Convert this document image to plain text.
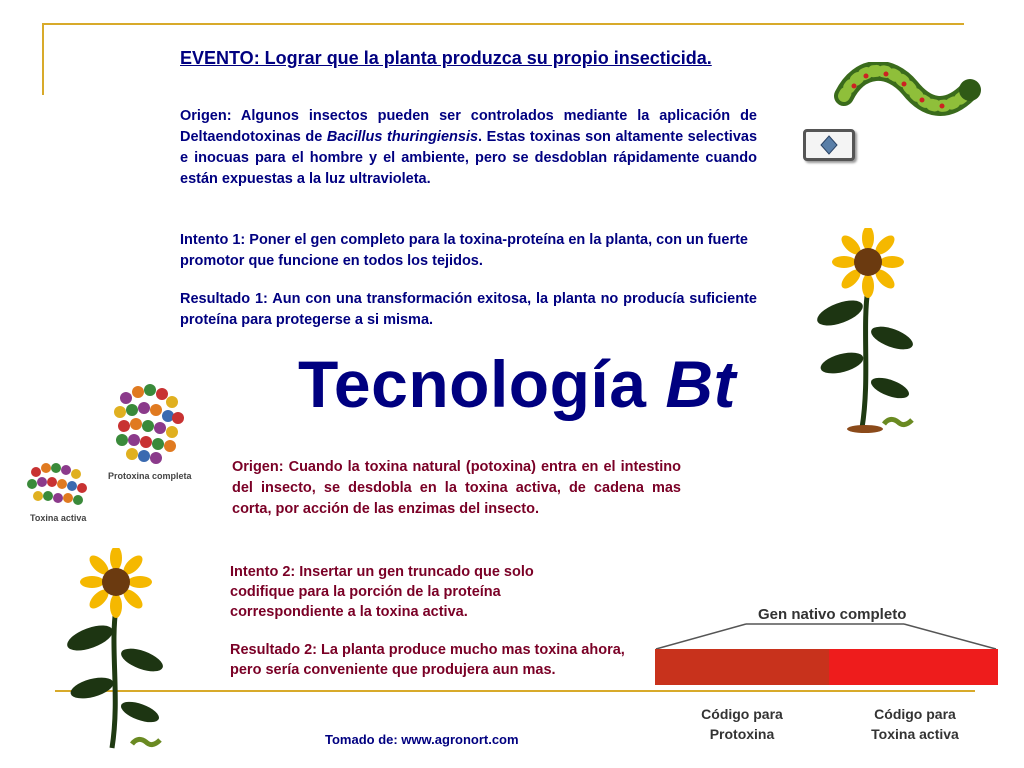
EVENTO: Lograr que la planta produzca su propio insecticida.
Origen: Algunos insectos pueden ser controlados mediante la aplicación de Deltaendotoxinas de Bacillus thuringiensis. Estas toxinas son altamente selectivas e inocuas para el hombre y el ambiente, pero se desdoblan rápidamente cuando están expuestas a la luz ultravioleta.
Intento 1: Poner el gen completo para la toxina-proteína en la planta, con un fuerte promotor que funcione en todos los tejidos.
Resultado 1: Aun con una transformación exitosa, la planta no producía suficiente proteína para protegerse a si misma.
Tecnología Bt
Origen: Cuando la toxina natural (potoxina) entra en el intestino del insecto, se desdobla en la toxina activa, de cadena mas corta, por acción de las enzimas del insecto.
Intento 2: Insertar un gen truncado que solo codifique para la porción de la proteína correspondiente a la toxina activa.
Resultado 2: La planta produce mucho mas toxina ahora, pero sería conveniente que produjera aun mas.
Tomado de: www.agronort.com
Protoxina completa
Toxina activa
Gen nativo completo
Código para Protoxina
Código para Toxina activa
